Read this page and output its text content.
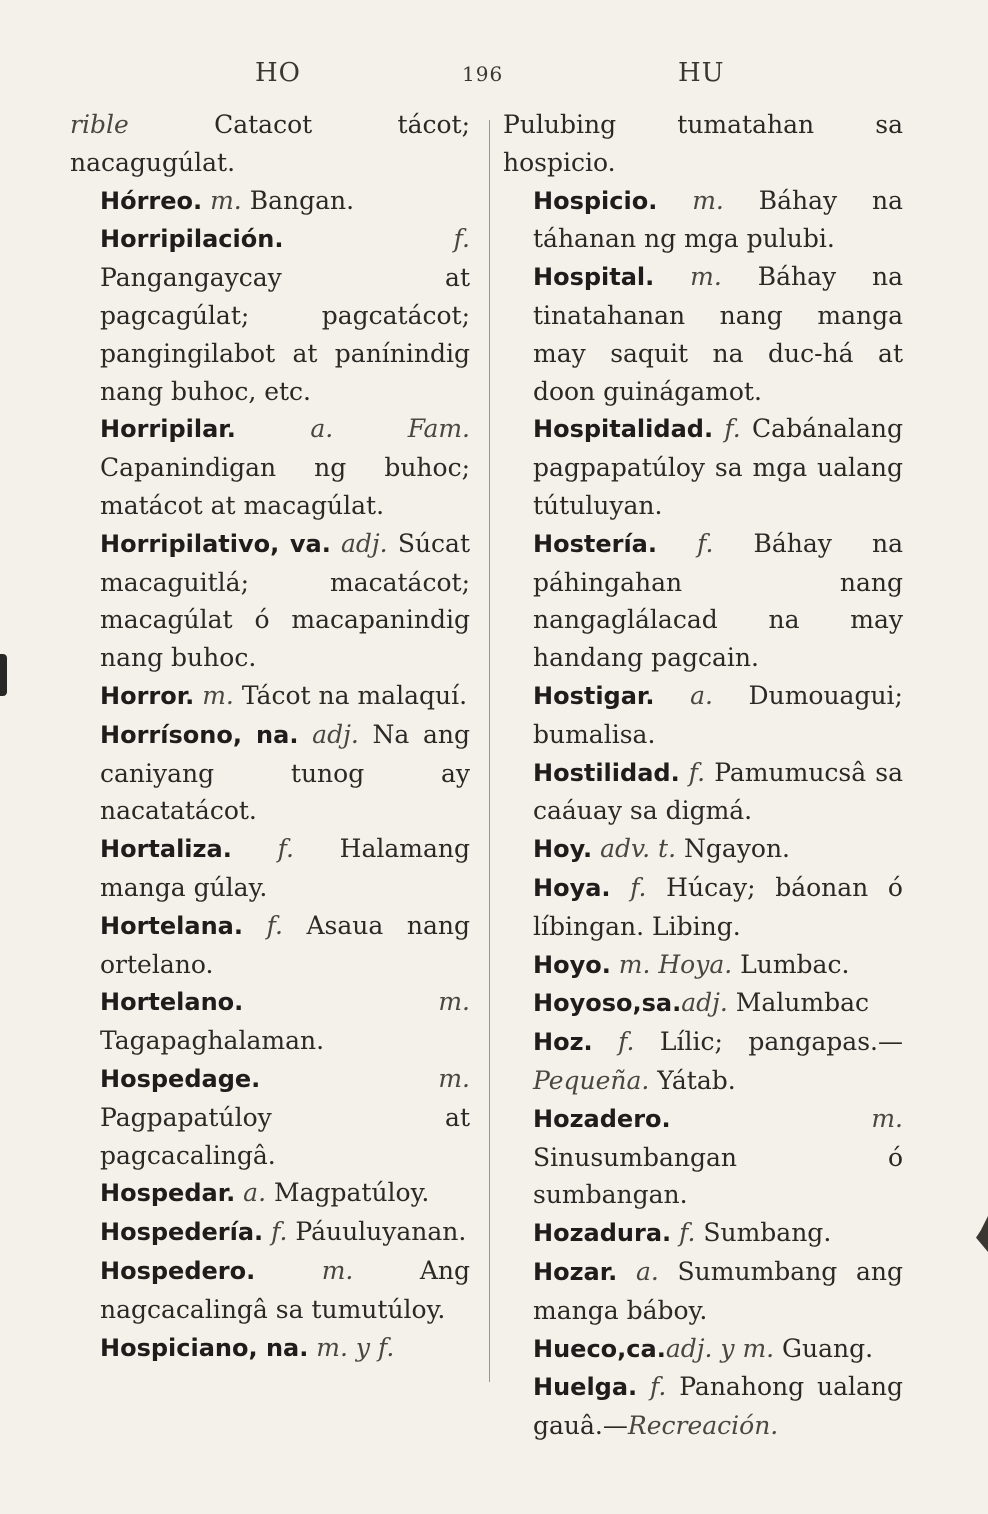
HO	196	HU

rible Catacot tácot; nacagugúlat.

Hórreo. m. Bangan.

Horripilación. f. Pangangaycay at pagcagúlat; pagcatácot; pangingilabot at panínindig nang buhoc, etc.

Horripilar. a. Fam. Capanindigan ng buhoc; matácot at macagúlat.

Horripilativo, va. adj. Súcat macaguitlá; macatácot; macagúlat ó macapanindig nang buhoc.

Horror. m. Tácot na malaquí.

Horrísono, na. adj. Na ang caniyang tunog ay nacatatácot.

Hortaliza. f. Halamang manga gúlay.

Hortelana. f. Asaua nang ortelano.

Hortelano. m. Tagapaghalaman.

Hospedage. m. Pagpapatúloy at pagcacalingâ.

Hospedar. a. Magpatúloy.

Hospedería. f. Páuuluyanan.

Hospedero. m. Ang nagcacalingâ sa tumutúloy.

Hospiciano, na. m. y f.

Pulubing tumatahan sa hospicio.

Hospicio. m. Báhay na táhanan ng mga pulubi.

Hospital. m. Báhay na tinatahanan nang manga may saquit na duc-há at doon guinágamot.

Hospitalidad. f. Cabánalang pagpapatúloy sa mga ualang tútuluyan.

Hostería. f. Báhay na páhingahan nang nangaglálacad na may handang pagcain.

Hostigar. a. Dumouagui; bumalisa.

Hostilidad. f. Pamumucsâ sa caáuay sa digmá.

Hoy. adv. t. Ngayon.

Hoya. f. Húcay; báonan ó líbingan. Libing.

Hoyo. m. Hoya. Lumbac.

Hoyoso,sa.adj. Malumbac

Hoz. f. Lílic; pangapas.— Pequeña. Yátab.

Hozadero. m. Sinusumbangan ó sumbangan.

Hozadura. f. Sumbang.

Hozar. a. Sumumbang ang manga báboy.

Hueco,ca.adj. y m. Guang.

Huelga. f. Panahong ualang gauâ.—Recreación.
